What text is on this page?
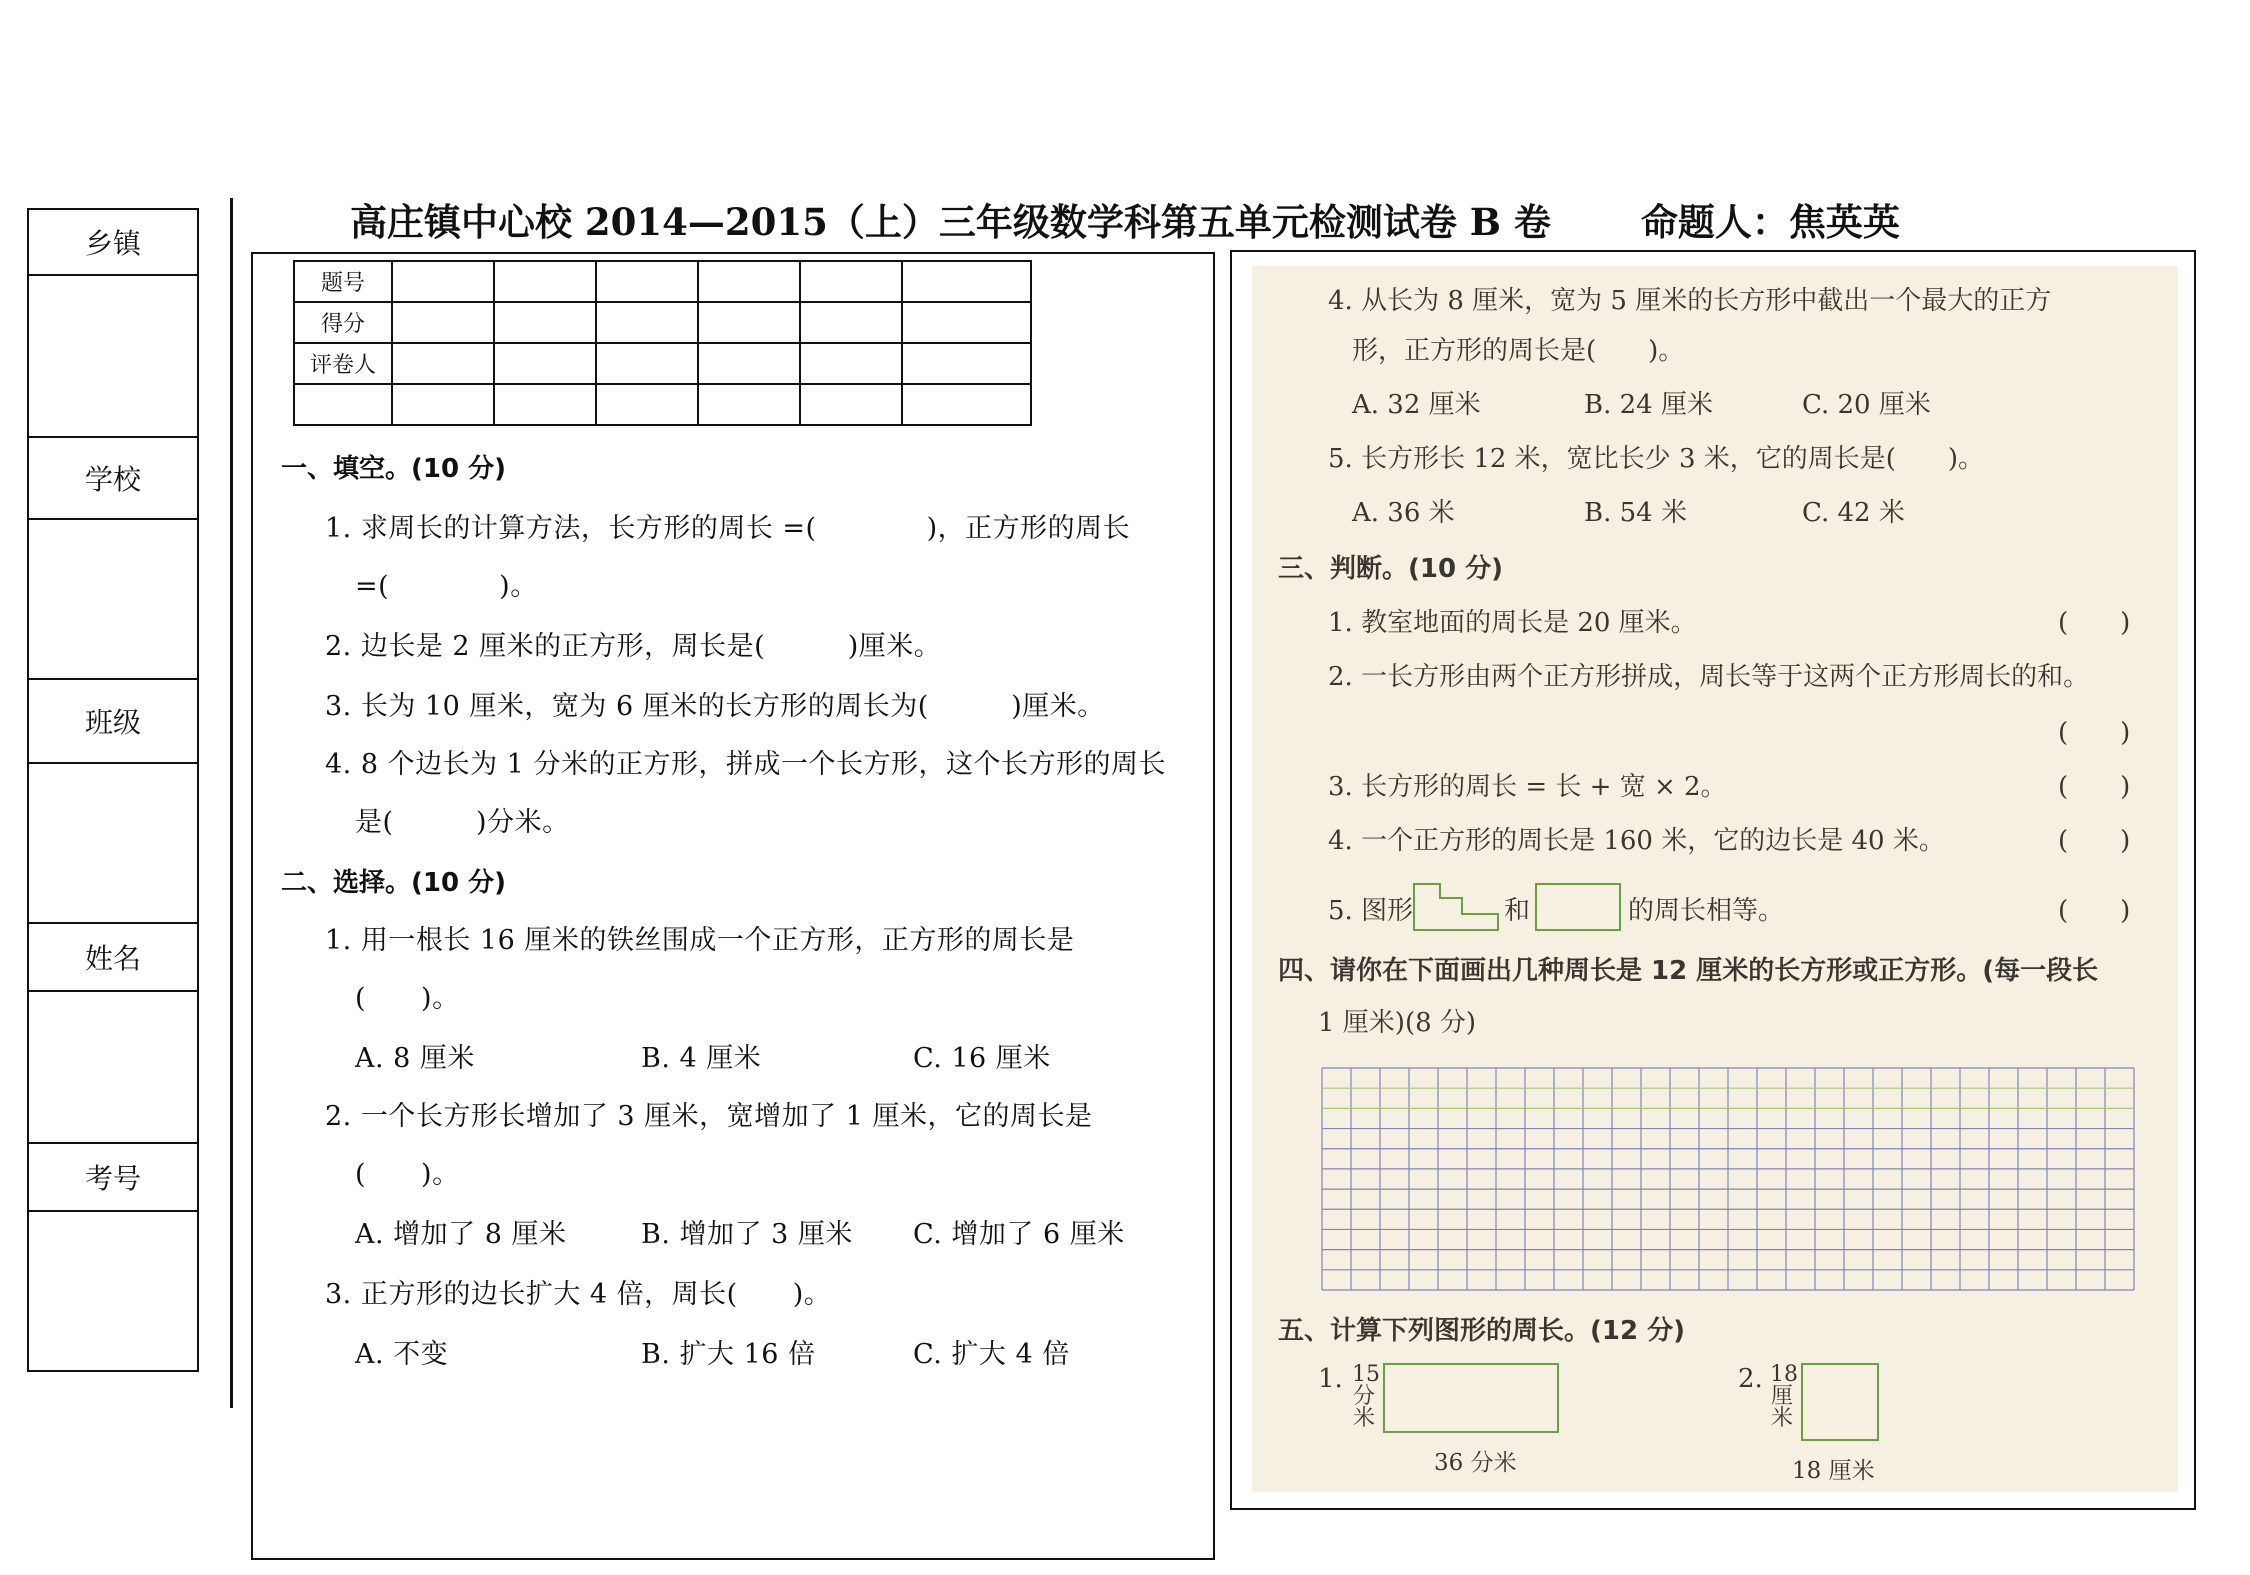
乡镇
学校
班级
姓名
考号
高庄镇中心校 2014—2015（上）三年级数学科第五单元检测试卷 B 卷 命题人：焦英英
题号						
得分						
评卷人						

一、填空。(10 分)
1. 求周长的计算方法，长方形的周长 =(　　　　)，正方形的周长
=(　　　　)。
2. 边长是 2 厘米的正方形，周长是(　　　)厘米。
3. 长为 10 厘米，宽为 6 厘米的长方形的周长为(　　　)厘米。
4. 8 个边长为 1 分米的正方形，拼成一个长方形，这个长方形的周长
是(　　　)分米。
二、选择。(10 分)
1. 用一根长 16 厘米的铁丝围成一个正方形，正方形的周长是
(　　)。
A. 8 厘米	B. 4 厘米	C. 16 厘米
2. 一个长方形长增加了 3 厘米，宽增加了 1 厘米，它的周长是
(　　)。
A. 增加了 8 厘米	B. 增加了 3 厘米 C. 增加了 6 厘米
3. 正方形的边长扩大 4 倍，周长(　　)。
A. 不变	B. 扩大 16 倍	C. 扩大 4 倍
4. 从长为 8 厘米，宽为 5 厘米的长方形中截出一个最大的正方
形，正方形的周长是(　　)。
A. 32 厘米	B. 24 厘米	C. 20 厘米
5. 长方形长 12 米，宽比长少 3 米，它的周长是(　　)。
A. 36 米	B. 54 米	C. 42 米
三、判断。(10 分)
1. 教室地面的周长是 20 厘米。	(　　)
2. 一长方形由两个正方形拼成，周长等于这两个正方形周长的和。
(　　)
3. 长方形的周长 = 长 + 宽 × 2。	(　　)
4. 一个正方形的周长是 160 米，它的边长是 40 米。	(　　)
5. 图形	和	的周长相等。	(　　)
四、请你在下面画出几种周长是 12 厘米的长方形或正方形。(每一段长
1 厘米)(8 分)
五、计算下列图形的周长。(12 分)
1. 15
分
米
36 分米
2. 18
厘
米
18 厘米
